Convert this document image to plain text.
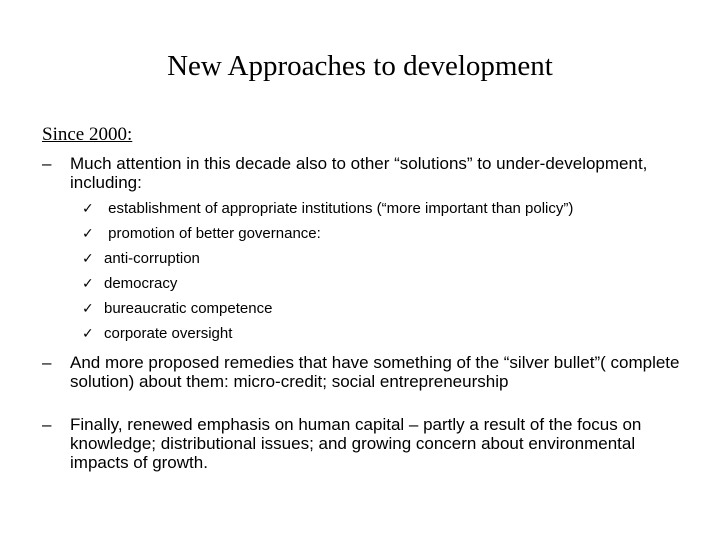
New Approaches to development
Since 2000:
– Much attention in this decade also to other “solutions” to under-development, including:
✓ establishment of appropriate institutions (“more important than policy”)
✓ promotion of better governance:
✓ anti-corruption
✓ democracy
✓ bureaucratic competence
✓ corporate oversight
– And more proposed remedies that have something of the “silver bullet”( complete solution) about them: micro-credit; social entrepreneurship
– Finally, renewed emphasis on human capital – partly a result of the focus on knowledge; distributional issues; and growing concern about environmental impacts of growth.
